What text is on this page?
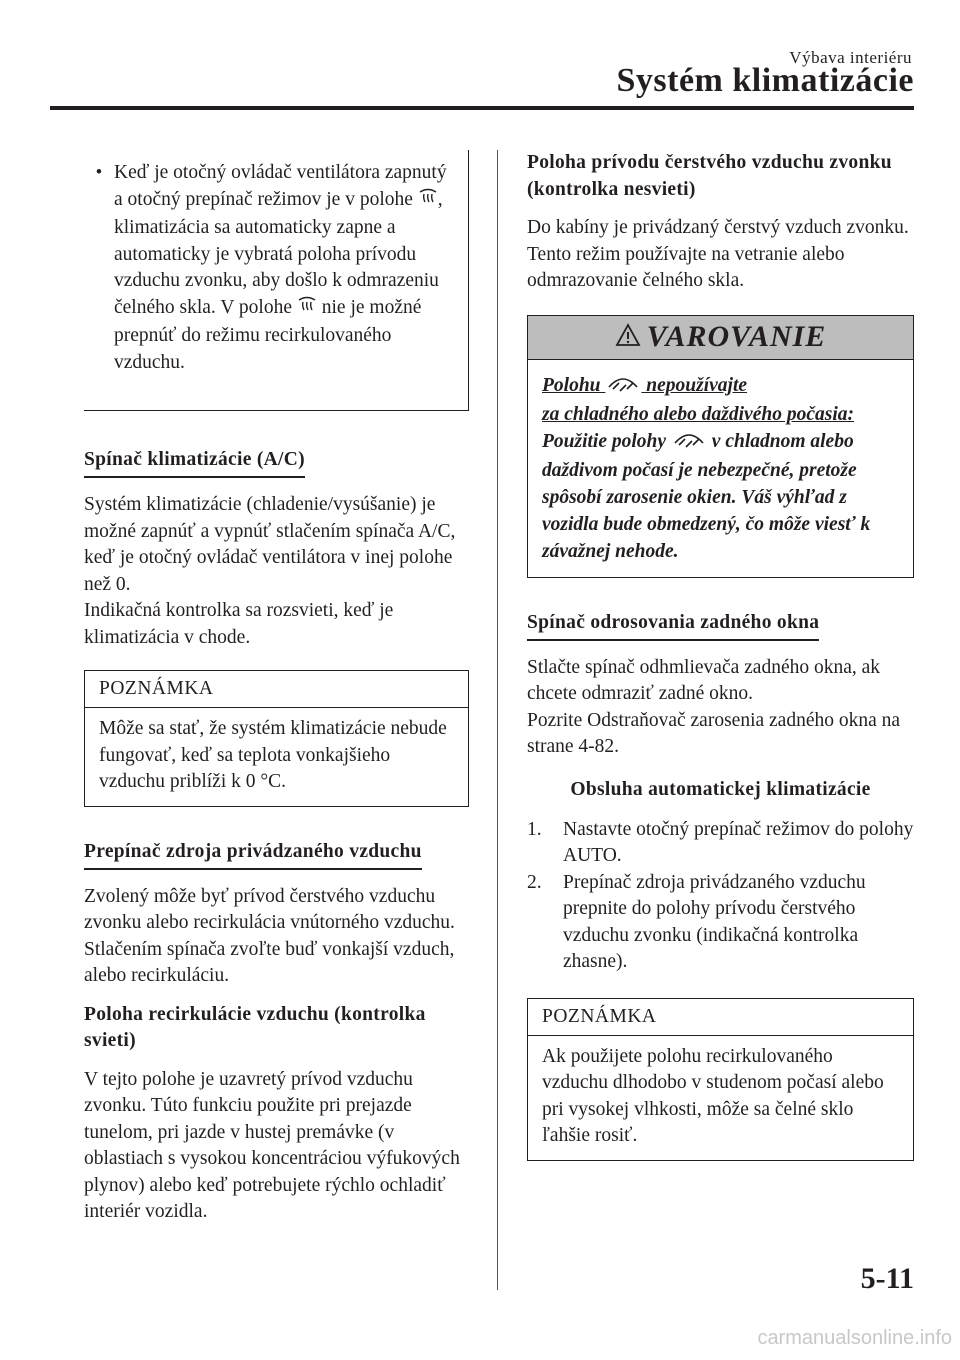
Výbava interiéru
Systém klimatizácie
• Keď je otočný ovládač ventilátora zapnutý a otočný prepínač režimov je v polohe , klimatizácia sa automaticky zapne a automaticky je vybratá poloha prívodu vzduchu zvonku, aby došlo k odmrazeniu čelného skla. V polohe  nie je možné prepnúť do režimu recirkulovaného vzduchu.
Spínač klimatizácie (A/C)
Systém klimatizácie (chladenie/vysúšanie) je možné zapnúť a vypnúť stlačením spínača A/C, keď je otočný ovládač ventilátora v inej polohe než 0.
Indikačná kontrolka sa rozsvieti, keď je klimatizácia v chode.
POZNÁMKA
Môže sa stať, že systém klimatizácie nebude fungovať, keď sa teplota vonkajšieho vzduchu priblíži k 0 °C.
Prepínač zdroja privádzaného vzduchu
Zvolený môže byť prívod čerstvého vzduchu zvonku alebo recirkulácia vnútorného vzduchu. Stlačením spínača zvoľte buď vonkajší vzduch, alebo recirkuláciu.
Poloha recirkulácie vzduchu (kontrolka svieti)
V tejto polohe je uzavretý prívod vzduchu zvonku. Túto funkciu použite pri prejazde tunelom, pri jazde v hustej premávke (v oblastiach s vysokou koncentráciou výfukových plynov) alebo keď potrebujete rýchlo ochladiť interiér vozidla.
Poloha prívodu čerstvého vzduchu zvonku (kontrolka nesvieti)
Do kabíny je privádzaný čerstvý vzduch zvonku. Tento režim používajte na vetranie alebo odmrazovanie čelného skla.
VAROVANIE
Polohu  nepoužívajte
za chladného alebo daždivého počasia:
Použitie polohy  v chladnom alebo daždivom počasí je nebezpečné, pretože spôsobí zarosenie okien. Váš výhľad z vozidla bude obmedzený, čo môže viesť k závažnej nehode.
Spínač odrosovania zadného okna
Stlačte spínač odhmlievača zadného okna, ak chcete odmraziť zadné okno.
Pozrite Odstraňovač zarosenia zadného okna na strane 4-82.
Obsluha automatickej klimatizácie
1.	Nastavte otočný prepínač režimov do polohy AUTO.
2.	Prepínač zdroja privádzaného vzduchu prepnite do polohy prívodu čerstvého vzduchu zvonku (indikačná kontrolka zhasne).
POZNÁMKA
Ak použijete polohu recirkulovaného vzduchu dlhodobo v studenom počasí alebo pri vysokej vlhkosti, môže sa čelné sklo ľahšie rosiť.
5-11
carmanualsonline.info
